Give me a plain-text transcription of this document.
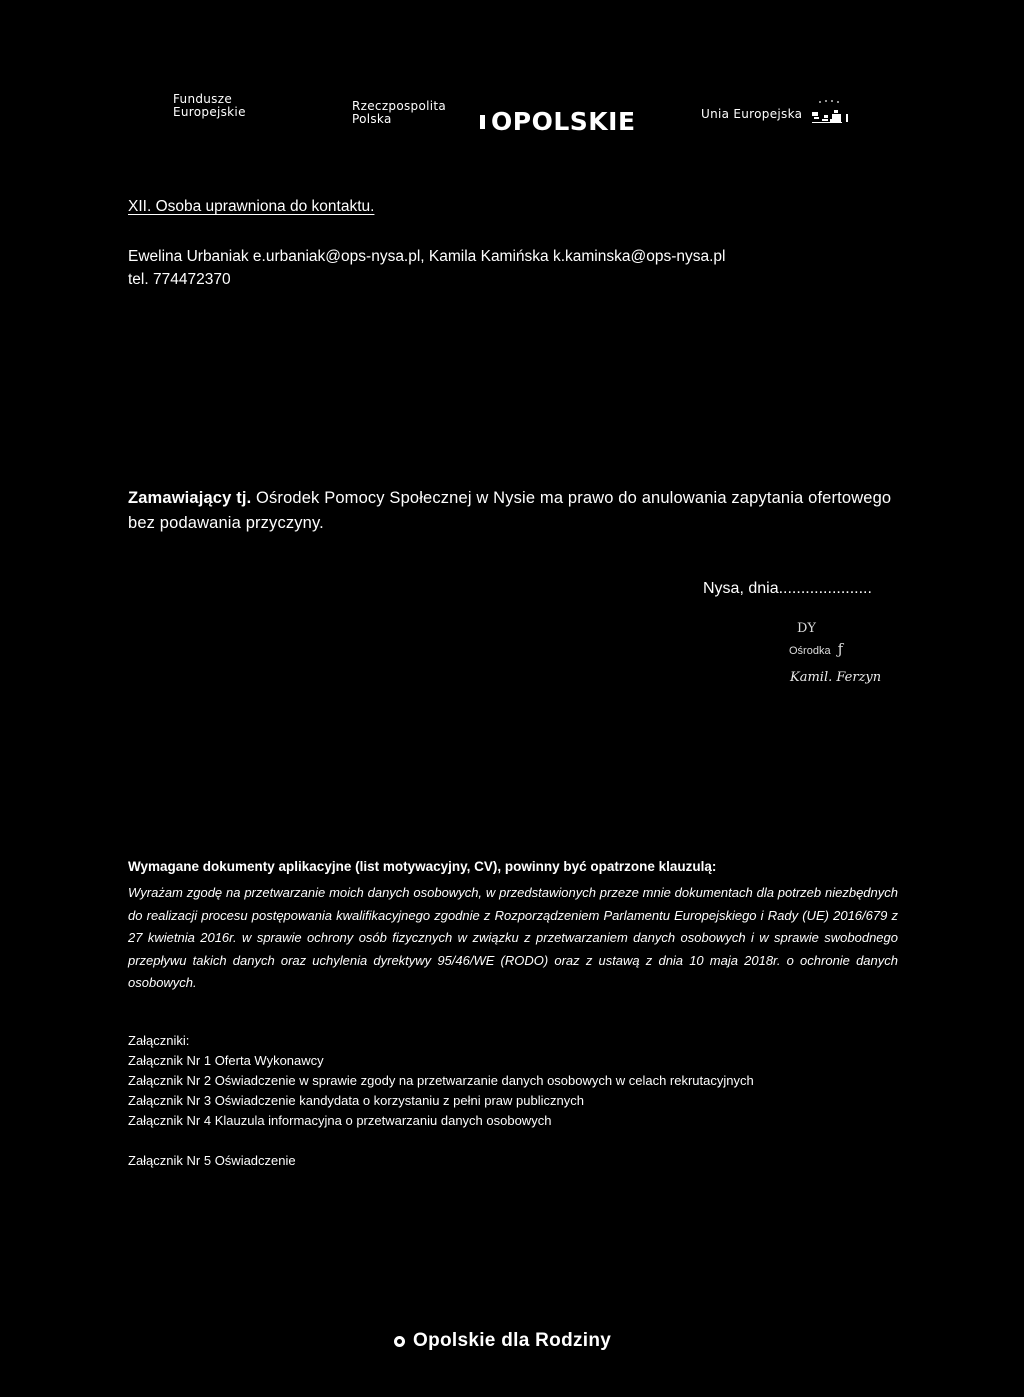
Fundusze
Europejskie	Rzeczpospolita
Polska	OPOLSKIE	Unia Europejska
XII. Osoba uprawniona do kontaktu.
Ewelina Urbaniak e.urbaniak@ops-nysa.pl, Kamila Kamińska k.kaminska@ops-nysa.pl
tel. 774472370

Zamawiający tj. Ośrodek Pomocy Społecznej w Nysie ma prawo do anulowania zapytania ofertowego bez podawania przyczyny.

Nysa, dnia.....................
DY
Ośrodka ƒ
Kamil. Ferzyn
Wymagane dokumenty aplikacyjne (list motywacyjny, CV), powinny być opatrzone klauzulą:

Wyrażam zgodę na przetwarzanie moich danych osobowych, w przedstawionych przeze mnie dokumentach dla potrzeb niezbędnych do realizacji procesu postępowania kwalifikacyjnego zgodnie z Rozporządzeniem Parlamentu Europejskiego i Rady (UE) 2016/679 z 27 kwietnia 2016r. w sprawie ochrony osób fizycznych w związku z przetwarzaniem danych osobowych i w sprawie swobodnego przepływu takich danych oraz uchylenia dyrektywy 95/46/WE (RODO) oraz z ustawą z dnia 10 maja 2018r. o ochronie danych osobowych.

Załączniki:
Załącznik Nr 1 Oferta Wykonawcy
Załącznik Nr 2 Oświadczenie w sprawie zgody na przetwarzanie danych osobowych w celach rekrutacyjnych
Załącznik Nr 3 Oświadczenie kandydata o korzystaniu z pełni praw publicznych
Załącznik Nr 4 Klauzula informacyjna o przetwarzaniu danych osobowych
Załącznik Nr 5 Oświadczenie
Opolskie dla Rodziny
